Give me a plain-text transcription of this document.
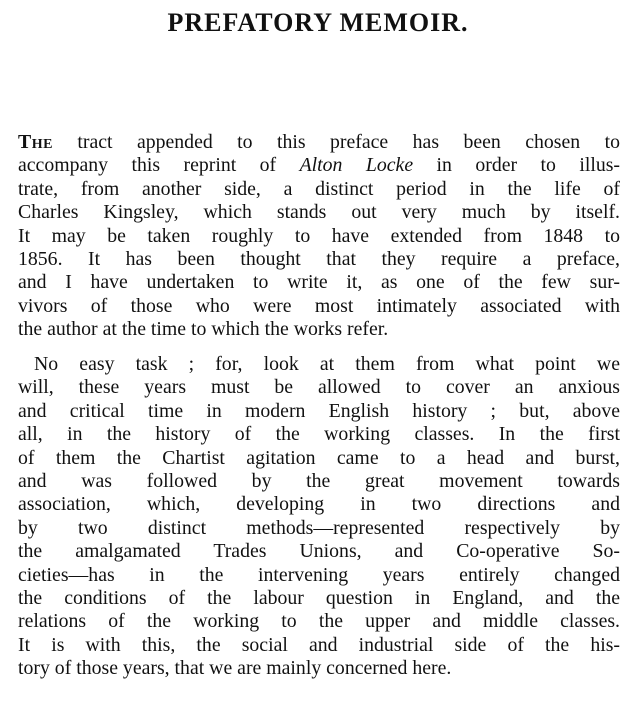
PREFATORY MEMOIR.
The tract appended to this preface has been chosen to
accompany this reprint of Alton Locke in order to illus-
trate, from another side, a distinct period in the life of
Charles Kingsley, which stands out very much by itself.
It may be taken roughly to have extended from 1848 to
1856. It has been thought that they require a preface,
and I have undertaken to write it, as one of the few sur-
vivors of those who were most intimately associated with
the author at the time to which the works refer.
No easy task ; for, look at them from what point we
will, these years must be allowed to cover an anxious
and critical time in modern English history ; but, above
all, in the history of the working classes. In the first
of them the Chartist agitation came to a head and burst,
and was followed by the great movement towards
association, which, developing in two directions and
by two distinct methods—represented respectively by
the amalgamated Trades Unions, and Co-operative So-
cieties—has in the intervening years entirely changed
the conditions of the labour question in England, and the
relations of the working to the upper and middle classes.
It is with this, the social and industrial side of the his-
tory of those years, that we are mainly concerned here.
